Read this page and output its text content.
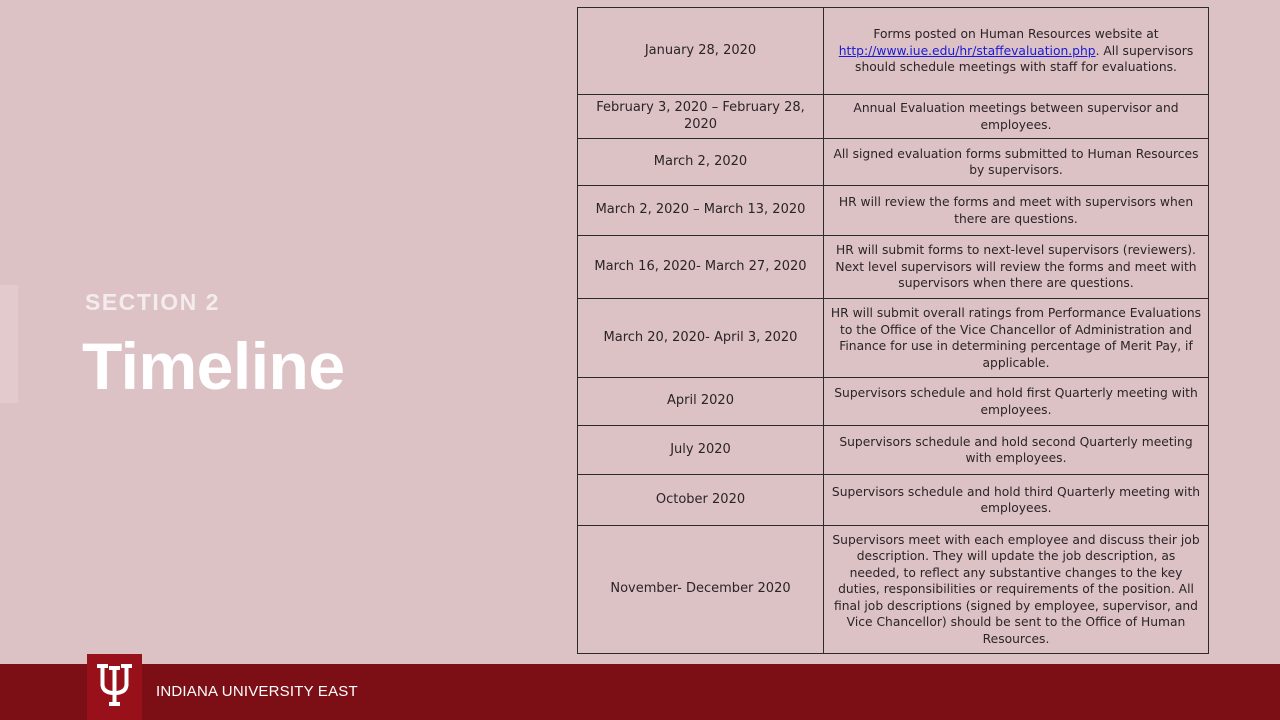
SECTION 2
Timeline
January 28, 2020	Forms posted on Human Resources website at http://www.iue.edu/hr/staffevaluation.php. All supervisors should schedule meetings with staff for evaluations.
February 3, 2020 – February 28, 2020	Annual Evaluation meetings between supervisor and employees.
March 2, 2020	All signed evaluation forms submitted to Human Resources by supervisors.
March 2, 2020 – March 13, 2020	HR will review the forms and meet with supervisors when there are questions.
March 16, 2020- March 27, 2020	HR will submit forms to next-level supervisors (reviewers). Next level supervisors will review the forms and meet with supervisors when there are questions.
March 20, 2020- April 3, 2020	HR will submit overall ratings from Performance Evaluations to the Office of the Vice Chancellor of Administration and Finance for use in determining percentage of Merit Pay, if applicable.
April 2020	Supervisors schedule and hold first Quarterly meeting with employees.
July 2020	Supervisors schedule and hold second Quarterly meeting with employees.
October 2020	Supervisors schedule and hold third Quarterly meeting with employees.
November- December 2020	Supervisors meet with each employee and discuss their job description. They will update the job description, as needed, to reflect any substantive changes to the key duties, responsibilities or requirements of the position. All final job descriptions (signed by employee, supervisor, and Vice Chancellor) should be sent to the Office of Human Resources.
INDIANA UNIVERSITY EAST
